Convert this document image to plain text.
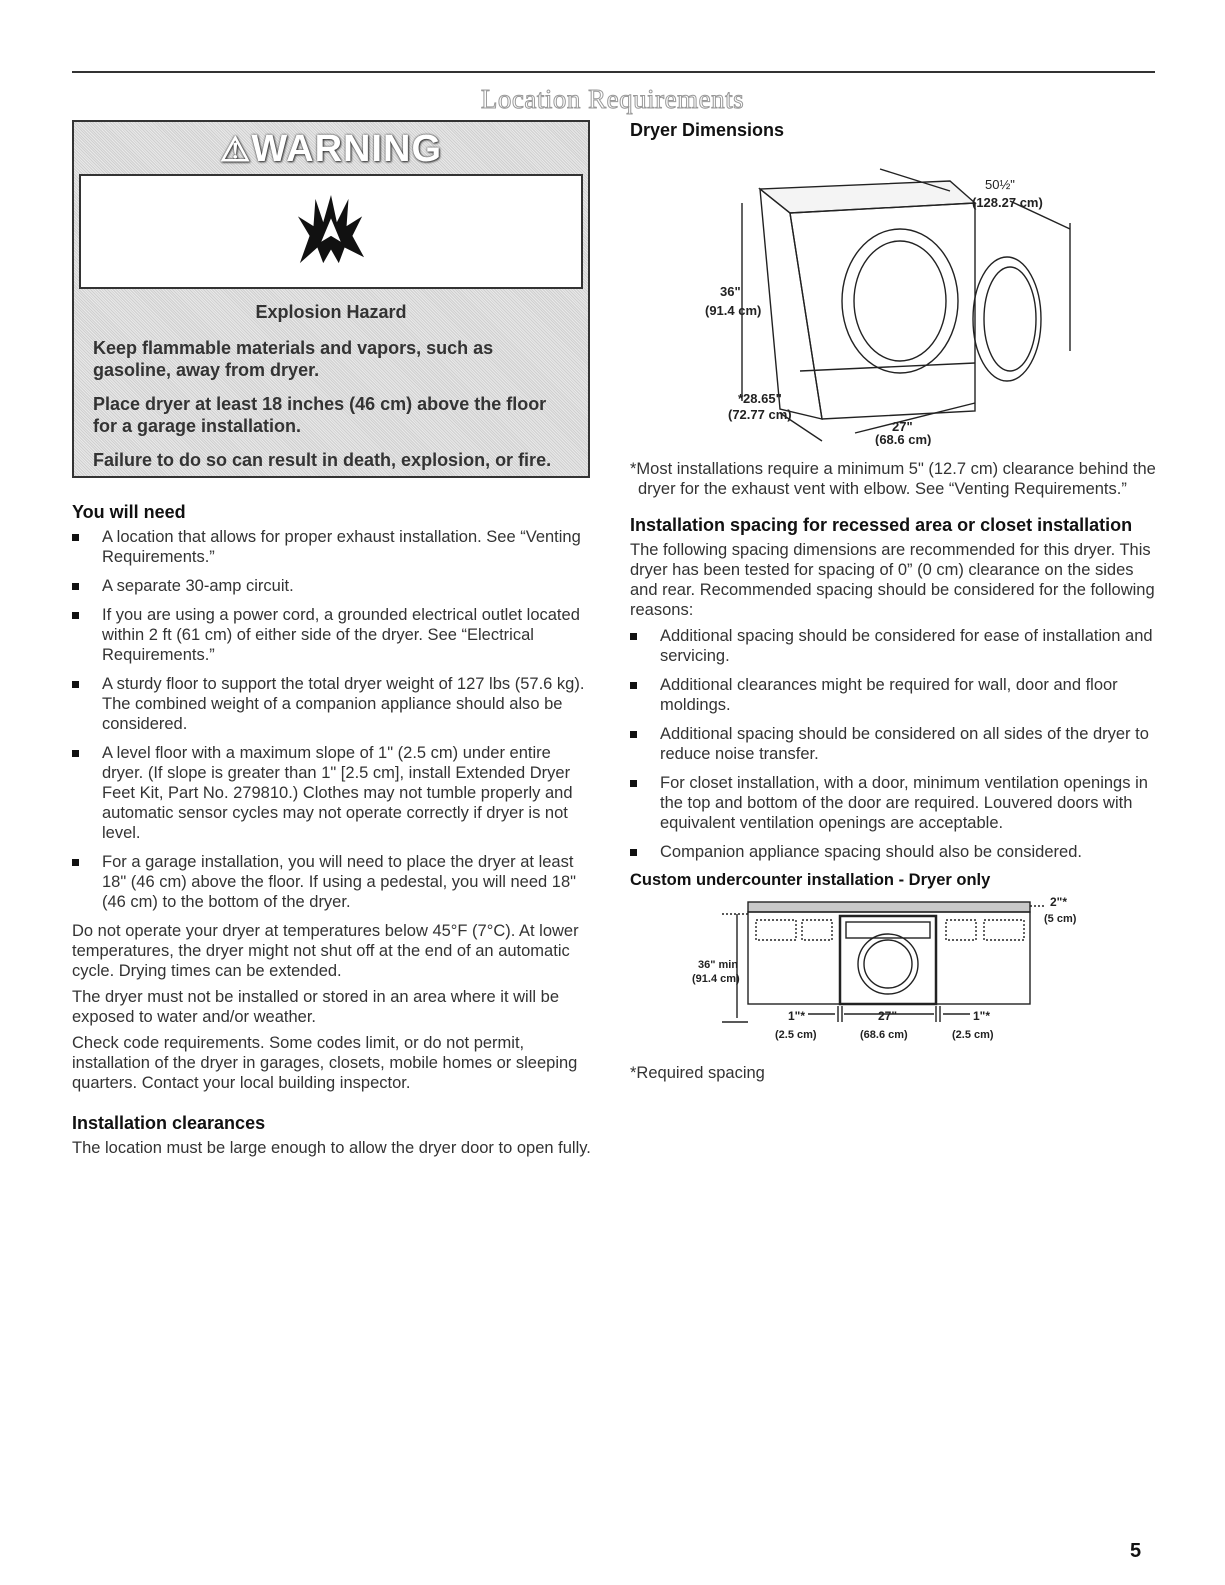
Location Requirements
⚠WARNING
Explosion Hazard

Keep flammable materials and vapors, such as gasoline, away from dryer.

Place dryer at least 18 inches (46 cm) above the floor for a garage installation.

Failure to do so can result in death, explosion, or fire.

You will need
A location that allows for proper exhaust installation. See “Venting Requirements.”
A separate 30-amp circuit.
If you are using a power cord, a grounded electrical outlet located within 2 ft (61 cm) of either side of the dryer. See “Electrical Requirements.”
A sturdy floor to support the total dryer weight of 127 lbs (57.6 kg). The combined weight of a companion appliance should also be considered.
A level floor with a maximum slope of 1" (2.5 cm) under entire dryer. (If slope is greater than 1" [2.5 cm], install Extended Dryer Feet Kit, Part No. 279810.) Clothes may not tumble properly and automatic sensor cycles may not operate correctly if dryer is not level.
For a garage installation, you will need to place the dryer at least 18" (46 cm) above the floor. If using a pedestal, you will need 18" (46 cm) to the bottom of the dryer.

Do not operate your dryer at temperatures below 45°F (7°C). At lower temperatures, the dryer might not shut off at the end of an automatic cycle. Drying times can be extended.

The dryer must not be installed or stored in an area where it will be exposed to water and/or weather.

Check code requirements. Some codes limit, or do not permit, installation of the dryer in garages, closets, mobile homes or sleeping quarters. Contact your local building inspector.

Installation clearances

The location must be large enough to allow the dryer door to open fully.

Dryer Dimensions
50½"
(128.27 cm)
36"
(91.4 cm)
*28.65"
(72.77 cm)
27"
(68.6 cm)
*Most installations require a minimum 5" (12.7 cm) clearance behind the dryer for the exhaust vent with elbow. See “Venting Requirements.”
Installation spacing for recessed area or closet installation

The following spacing dimensions are recommended for this dryer. This dryer has been tested for spacing of 0” (0 cm) clearance on the sides and rear. Recommended spacing should be considered for the following reasons:

Additional spacing should be considered for ease of installation and servicing.
Additional clearances might be required for wall, door and floor moldings.
Additional spacing should be considered on all sides of the dryer to reduce noise transfer.
For closet installation, with a door, minimum ventilation openings in the top and bottom of the door are required. Louvered doors with equivalent ventilation openings are acceptable.
Companion appliance spacing should also be considered.
Custom undercounter installation - Dryer only
2"*
(5 cm)
36" min
(91.4 cm)
1"*
(2.5 cm)
27"
(68.6 cm)
1"*
(2.5 cm)
*Required spacing
5
